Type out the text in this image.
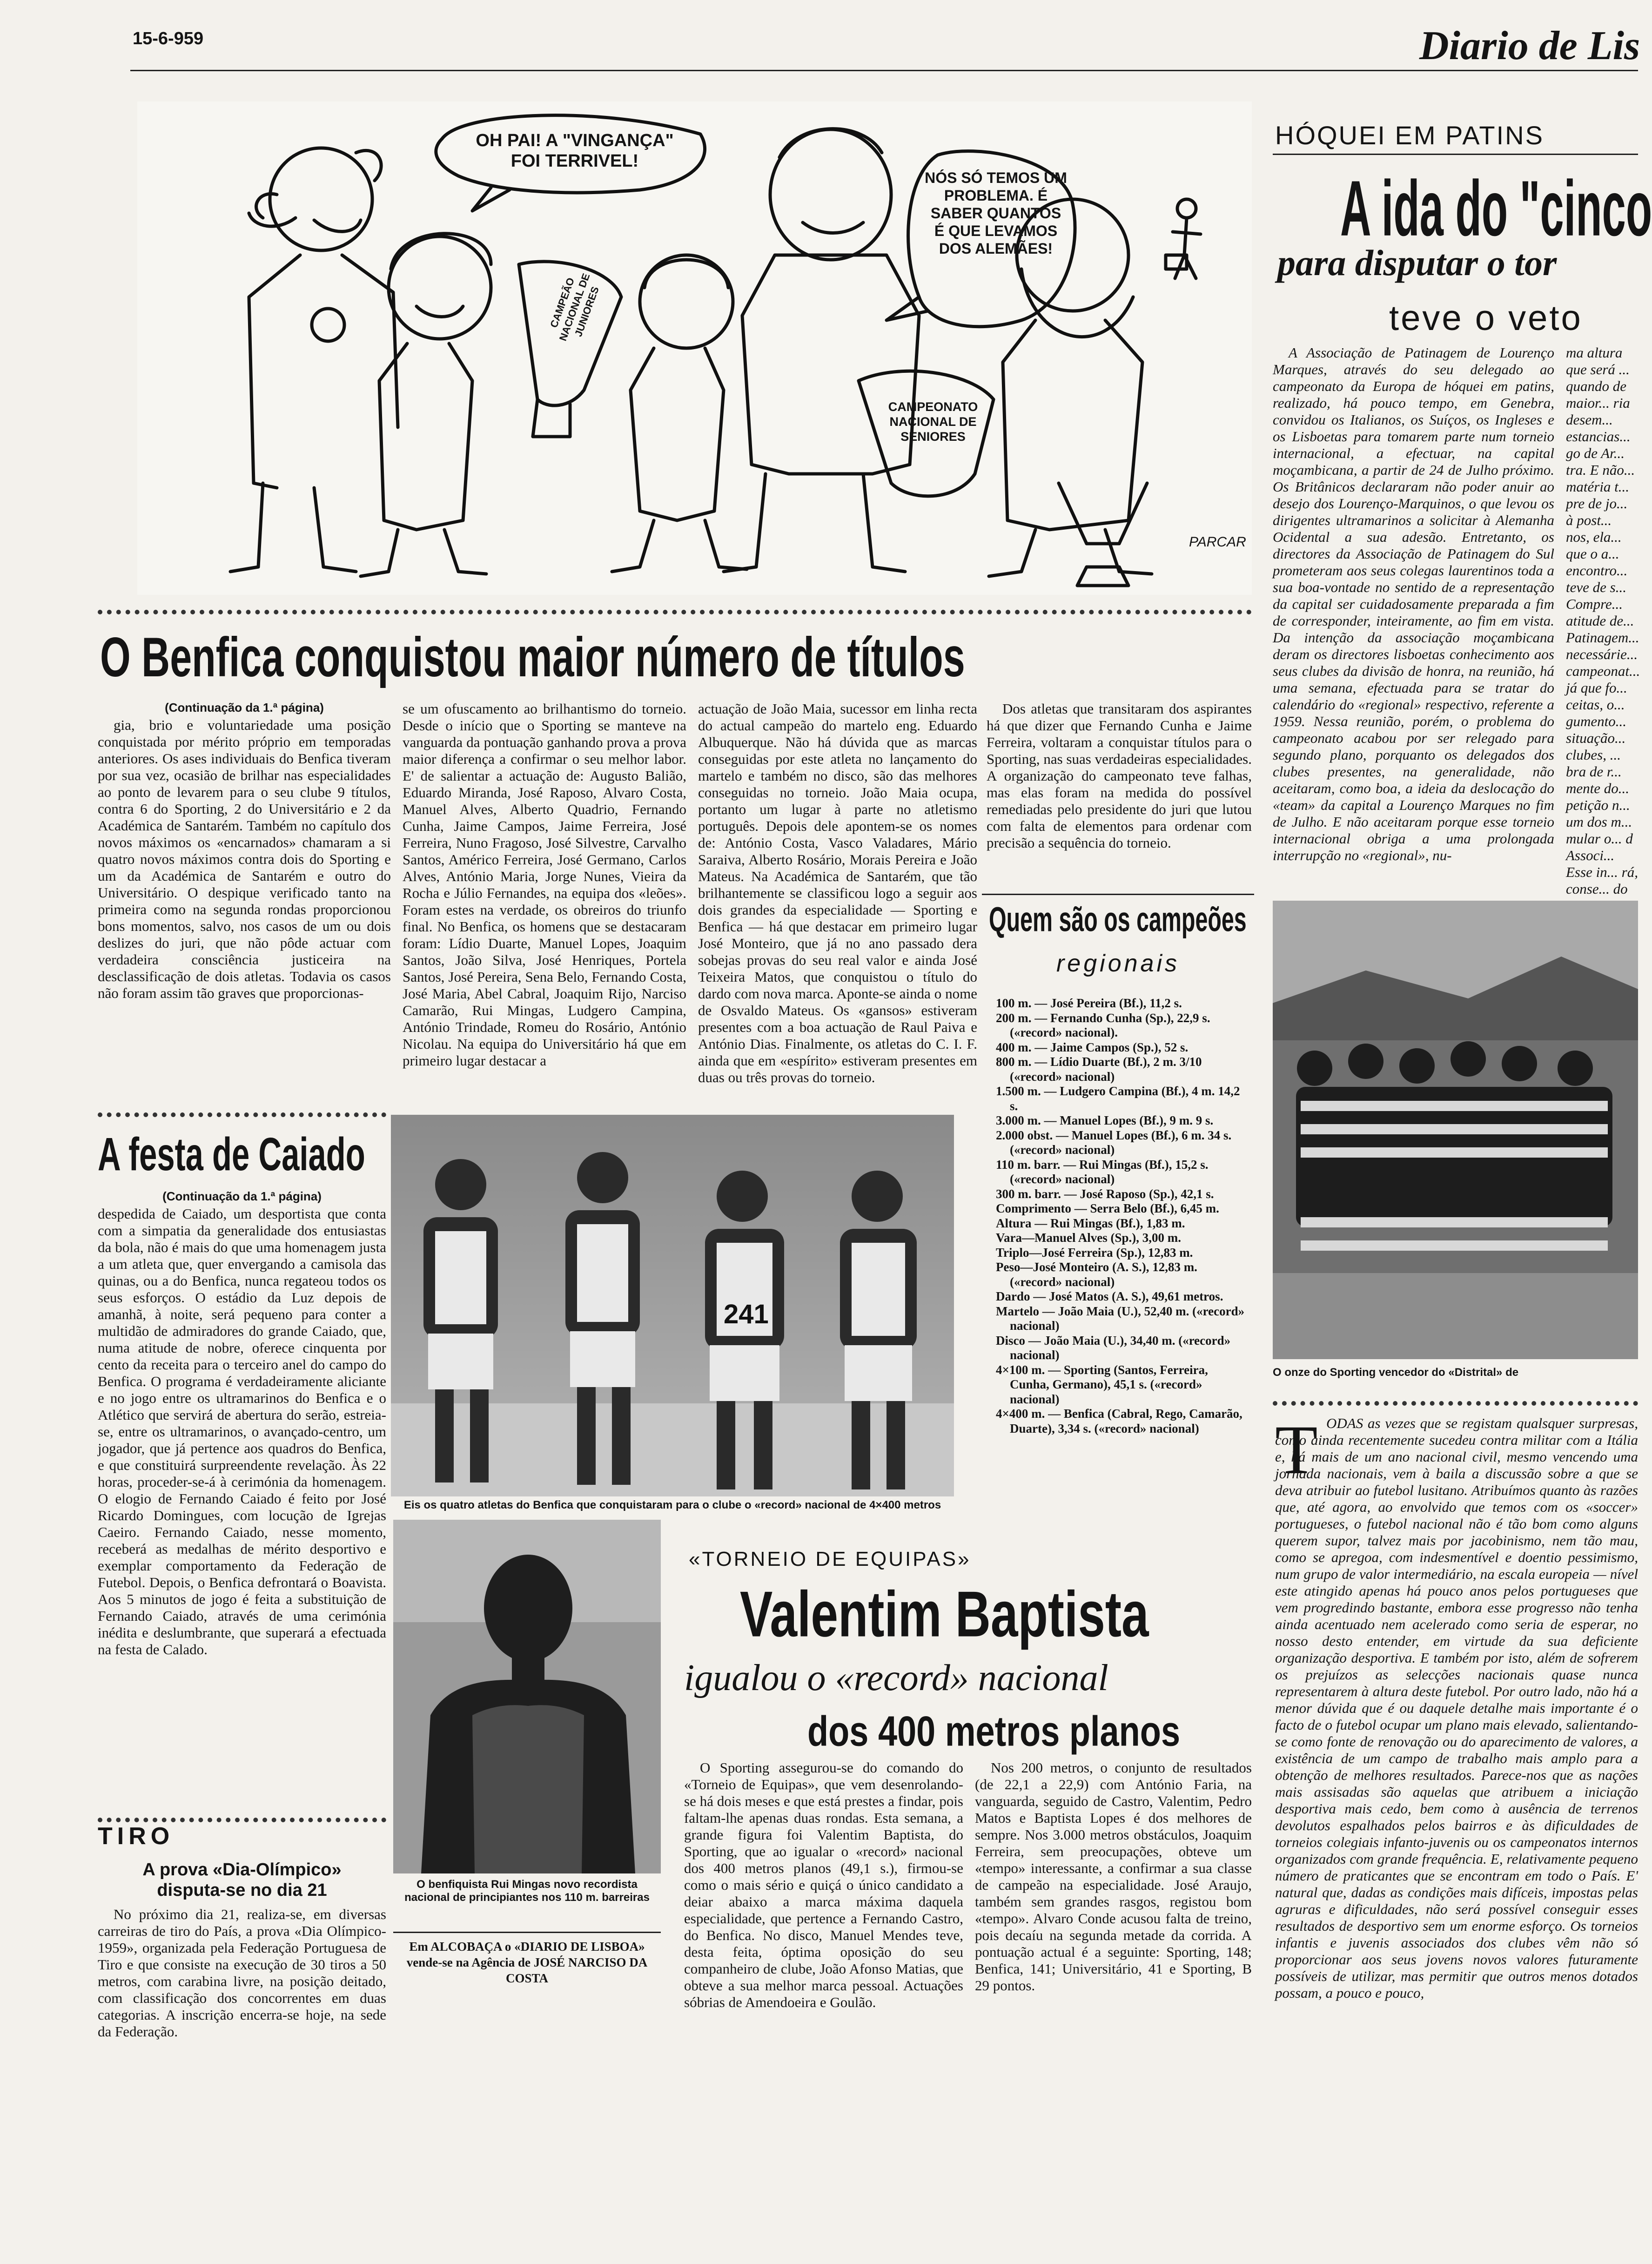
15-6-959	Diario de Lis
OH PAI! A "VINGANÇA" FOI TERRIVEL!
NÓS SÓ TEMOS UM PROBLEMA. É SABER QUANTOS É QUE LEVAMOS DOS ALEMÃES!
CAMPEÃO NACIONAL DE JUNIORES
CAMPEONATO NACIONAL DE SENIORES
PARCAR
O Benfica conquistou maior número de títulos
(Continuação da 1.ª página)

gia, brio e voluntariedade uma posição conquistada por mérito próprio em temporadas anteriores. Os ases individuais do Benfica tiveram por sua vez, ocasião de brilhar nas especialidades ao ponto de levarem para o seu clube 9 títulos, contra 6 do Sporting, 2 do Universitário e 2 da Académica de Santarém. Também no capítulo dos novos máximos os «encarnados» chamaram a si quatro novos máximos contra dois do Sporting e um da Académica de Santarém e outro do Universitário. O despique verificado tanto na primeira como na segunda rondas proporcionou bons momentos, salvo, nos casos de um ou dois deslizes do juri, que não pôde actuar com verdadeira consciência justiceira na desclassificação de dois atletas. Todavia os casos não foram assim tão graves que proporcionas-

se um ofuscamento ao brilhantismo do torneio. Desde o início que o Sporting se manteve na vanguarda da pontuação ganhando prova a prova maior diferença a confirmar o seu melhor labor. E' de salientar a actuação de: Augusto Balião, Eduardo Miranda, José Raposo, Alvaro Costa, Manuel Alves, Alberto Quadrio, Fernando Cunha, Jaime Campos, Jaime Ferreira, José Ferreira, Nuno Fragoso, José Silvestre, Carvalho Santos, Américo Ferreira, José Germano, Carlos Alves, António Maria, Jorge Nunes, Vieira da Rocha e Júlio Fernandes, na equipa dos «leões». Foram estes na verdade, os obreiros do triunfo final. No Benfica, os homens que se destacaram foram: Lídio Duarte, Manuel Lopes, Joaquim Santos, João Silva, José Henriques, Portela Santos, José Pereira, Sena Belo, Fernando Costa, José Maria, Abel Cabral, Joaquim Rijo, Narciso Camarão, Rui Mingas, Ludgero Campina, António Trindade, Romeu do Rosário, António Nicolau. Na equipa do Universitário há que em primeiro lugar destacar a

actuação de João Maia, sucessor em linha recta do actual campeão do martelo eng. Eduardo Albuquerque. Não há dúvida que as marcas conseguidas por este atleta no lançamento do martelo e também no disco, são das melhores conseguidas no torneio. João Maia ocupa, portanto um lugar à parte no atletismo português. Depois dele apontem-se os nomes de: António Costa, Vasco Valadares, Mário Saraiva, Alberto Rosário, Morais Pereira e João Mateus. Na Académica de Santarém, que tão brilhantemente se classificou logo a seguir aos dois grandes da especialidade — Sporting e Benfica — há que destacar em primeiro lugar José Monteiro, que já no ano passado dera sobejas provas do seu real valor e ainda José Teixeira Matos, que conquistou o título do dardo com nova marca. Aponte-se ainda o nome de Osvaldo Mateus. Os «gansos» estiveram presentes com a boa actuação de Raul Paiva e António Dias. Finalmente, os atletas do C. I. F. ainda que em «espírito» estiveram presentes em duas ou três provas do torneio.

Dos atletas que transitaram dos aspirantes há que dizer que Fernando Cunha e Jaime Ferreira, voltaram a conquistar títulos para o Sporting, nas suas verdadeiras especialidades. A organização do campeonato teve falhas, mas elas foram na medida do possível remediadas pelo presidente do juri que lutou com falta de elementos para ordenar com precisão a sequência do torneio.

241
Eis os quatro atletas do Benfica que conquistaram para o clube o «record» nacional de 4×400 metros
A festa de Caiado
(Continuação da 1.ª página)

despedida de Caiado, um desportista que conta com a simpatia da generalidade dos entusiastas da bola, não é mais do que uma homenagem justa a um atleta que, quer envergando a camisola das quinas, ou a do Benfica, nunca regateou todos os seus esforços. O estádio da Luz depois de amanhã, à noite, será pequeno para conter a multidão de admiradores do grande Caiado, que, numa atitude de nobre, oferece cinquenta por cento da receita para o terceiro anel do campo do Benfica. O programa é verdadeiramente aliciante e no jogo entre os ultramarinos do Benfica e o Atlético que servirá de abertura do serão, estreia-se, entre os ultramarinos, o avançado-centro, um jogador, que já pertence aos quadros do Benfica, e que constituirá surpreendente revelação. Às 22 horas, proceder-se-á à cerimónia da homenagem. O elogio de Fernando Caiado é feito por José Ricardo Domingues, com locução de Igrejas Caeiro. Fernando Caiado, nesse momento, receberá as medalhas de mérito desportivo e exemplar comportamento da Federação de Futebol. Depois, o Benfica defrontará o Boavista. Aos 5 minutos de jogo é feita a substituição de Fernando Caiado, através de uma cerimónia inédita e deslumbrante, que superará a efectuada na festa de Calado.

TIRO
A prova «Dia-Olímpico» disputa-se no dia 21

No próximo dia 21, realiza-se, em diversas carreiras de tiro do País, a prova «Dia Olímpico-1959», organizada pela Federação Portuguesa de Tiro e que consiste na execução de 30 tiros a 50 metros, com carabina livre, na posição deitado, com classificação dos concorrentes em duas categorias. A inscrição encerra-se hoje, na sede da Federação.

O benfiquista Rui Mingas novo recordista nacional de principiantes nos 110 m. barreiras
Em ALCOBAÇA o «DIARIO DE LISBOA» vende-se na Agência de JOSÉ NARCISO DA COSTA
Quem são os campeões
regionais
100 m. — José Pereira (Bf.), 11,2 s.
200 m. — Fernando Cunha (Sp.), 22,9 s. («record» nacional).
400 m. — Jaime Campos (Sp.), 52 s.
800 m. — Lídio Duarte (Bf.), 2 m. 3/10 («record» nacional)
1.500 m. — Ludgero Campina (Bf.), 4 m. 14,2 s.
3.000 m. — Manuel Lopes (Bf.), 9 m. 9 s.
2.000 obst. — Manuel Lopes (Bf.), 6 m. 34 s. («record» nacional)
110 m. barr. — Rui Mingas (Bf.), 15,2 s. («record» nacional)
300 m. barr. — José Raposo (Sp.), 42,1 s.
Comprimento — Serra Belo (Bf.), 6,45 m.
Altura — Rui Mingas (Bf.), 1,83 m.
Vara—Manuel Alves (Sp.), 3,00 m.
Triplo—José Ferreira (Sp.), 12,83 m.
Peso—José Monteiro (A. S.), 12,83 m. («record» nacional)
Dardo — José Matos (A. S.), 49,61 metros.
Martelo — João Maia (U.), 52,40 m. («record» nacional)
Disco — João Maia (U.), 34,40 m. («record» nacional)
4×100 m. — Sporting (Santos, Ferreira, Cunha, Germano), 45,1 s. («record» nacional)
4×400 m. — Benfica (Cabral, Rego, Camarão, Duarte), 3,34 s. («record» nacional)
«TORNEIO DE EQUIPAS»
Valentim Baptista
igualou o «record» nacional
dos 400 metros planos

O Sporting assegurou-se do comando do «Torneio de Equipas», que vem desenrolando-se há dois meses e que está prestes a findar, pois faltam-lhe apenas duas rondas. Esta semana, a grande figura foi Valentim Baptista, do Sporting, que ao igualar o «record» nacional dos 400 metros planos (49,1 s.), firmou-se como o mais sério e quiçá o único candidato a deiar abaixo a marca máxima daquela especialidade, que pertence a Fernando Castro, do Benfica. No disco, Manuel Mendes teve, desta feita, óptima oposição do seu companheiro de clube, João Afonso Matias, que obteve a sua melhor marca pessoal. Actuações sóbrias de Amendoeira e Goulão.

Nos 200 metros, o conjunto de resultados (de 22,1 a 22,9) com António Faria, na vanguarda, seguido de Castro, Valentim, Pedro Matos e Baptista Lopes é dos melhores de sempre. Nos 3.000 metros obstáculos, Joaquim Ferreira, sem preocupações, obteve um «tempo» interessante, a confirmar a sua classe de campeão na especialidade. José Araujo, também sem grandes rasgos, registou bom «tempo». Alvaro Conde acusou falta de treino, pois decaíu na segunda metade da corrida. A pontuação actual é a seguinte: Sporting, 148; Benfica, 141; Universitário, 41 e Sporting, B 29 pontos.

HÓQUEI EM PATINS
A ida do "cinco
para disputar o tor
teve o veto

A Associação de Patinagem de Lourenço Marques, através do seu delegado ao campeonato da Europa de hóquei em patins, realizado, há pouco tempo, em Genebra, convidou os Italianos, os Suíços, os Ingleses e os Lisboetas para tomarem parte num torneio internacional, a efectuar, na capital moçambicana, a partir de 24 de Julho próximo. Os Britânicos declararam não poder anuir ao desejo dos Lourenço-Marquinos, o que levou os dirigentes ultramarinos a solicitar à Alemanha Ocidental a sua adesão. Entretanto, os directores da Associação de Patinagem do Sul prometeram aos seus colegas laurentinos toda a sua boa-vontade no sentido de a representação da capital ser cuidadosamente preparada a fim de corresponder, inteiramente, ao fim em vista. Da intenção da associação moçambicana deram os directores lisboetas conhecimento aos seus clubes da divisão de honra, na reunião, há uma semana, efectuada para se tratar do calendário do «regional» respectivo, referente a 1959. Nessa reunião, porém, o problema do campeonato acabou por ser relegado para segundo plano, porquanto os delegados dos clubes presentes, na generalidade, não aceitaram, como boa, a ideia da deslocação do «team» da capital a Lourenço Marques no fim de Julho. E não aceitaram porque esse torneio internacional obriga a uma prolongada interrupção no «regional», nu-

ma altura que será ... quando de maior... ria desem... estancias... go de Ar... tra. E não... matéria t... pre de jo... à post... nos, ela... que o a... encontro... teve de s... Compre... atitude de... Patinagem... necessárie... campeonat... já que fo... ceitas, o... gumento... situação... clubes, ... bra de r... mente do... petição n... um dos m... mular o... d Associ... Esse in... rá, conse... do

O onze do Sporting vencedor do «Distrital» de
T ODAS as vezes que se registam qualsquer surpresas, como ainda recentemente sucedeu contra militar com a Itália e, há mais de um ano nacional civil, mesmo vencendo uma jornada nacionais, vem à baila a discussão sobre a que se deva atribuir ao futebol lusitano. Atribuímos quanto às razões que, até agora, ao envolvido que temos com os «soccer» portugueses, o futebol nacional não é tão bom como alguns querem supor, talvez mais por jacobinismo, nem tão mau, como se apregoa, com indesmentível e doentio pessimismo, num grupo de valor intermediário, na escala europeia — nível este atingido apenas há pouco anos pelos portugueses que vem progredindo bastante, embora esse progresso não tenha ainda acentuado nem acelerado como seria de esperar, no nosso desto entender, em virtude da sua deficiente organização desportiva. E também por isto, além de sofrerem os prejuízos as selecções nacionais quase nunca representarem à altura deste futebol. Por outro lado, não há a menor dúvida que é ou daquele detalhe mais importante é o facto de o futebol ocupar um plano mais elevado, salientando-se como fonte de renovação ou do aparecimento de valores, a existência de um campo de trabalho mais amplo para a obtenção de melhores resultados. Parece-nos que as nações mais assisadas são aquelas que atribuem a iniciação desportiva mais cedo, bem como à ausência de terrenos devolutos espalhados pelos bairros e às dificuldades de torneios colegiais infanto-juvenis ou os campeonatos internos organizados com grande frequência. E, relativamente pequeno número de praticantes que se encontram em todo o País. E' natural que, dadas as condições mais difíceis, impostas pelas agruras e dificuldades, não será possível conseguir esses resultados de desportivo sem um enorme esforço. Os torneios infantis e juvenis associados dos clubes vêm não só proporcionar aos seus jovens novos valores futuramente possíveis de utilizar, mas permitir que outros menos dotados possam, a pouco e pouco,
